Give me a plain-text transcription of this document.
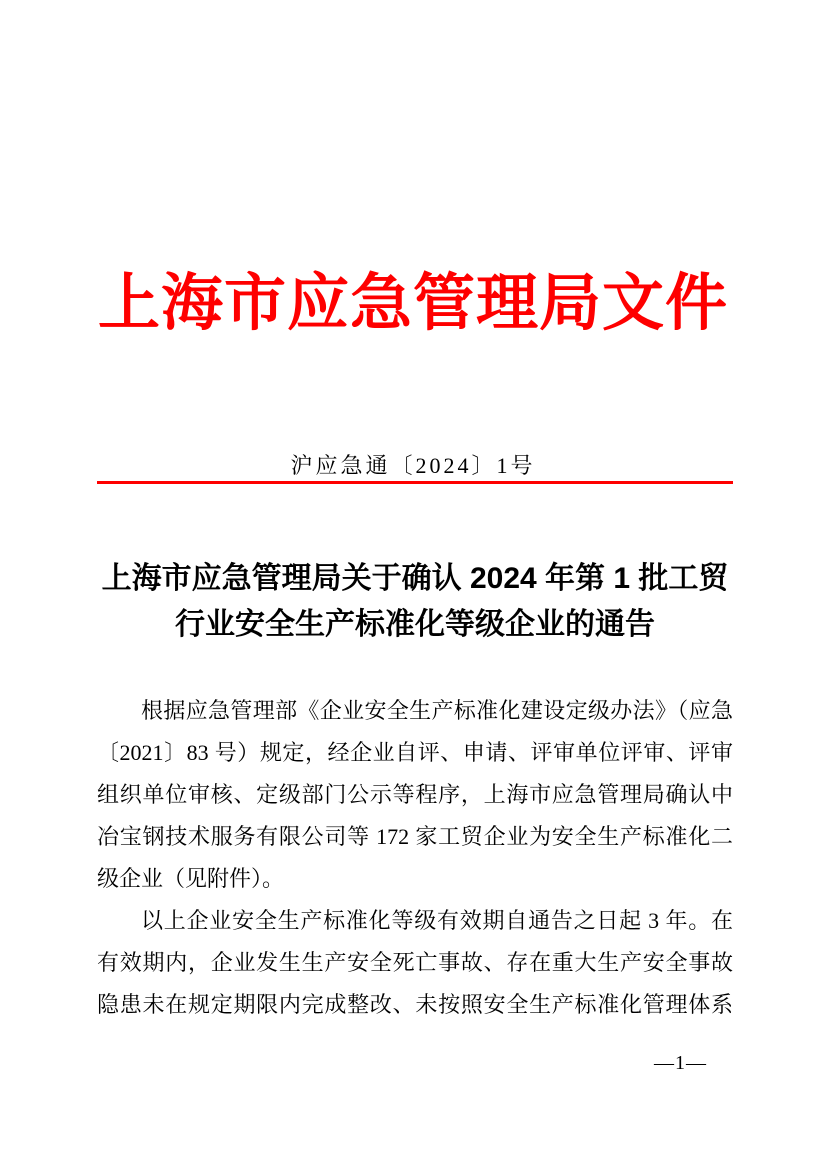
上海市应急管理局文件
沪应急通〔2024〕1号
上海市应急管理局关于确认 2024 年第 1 批工贸
行业安全生产标准化等级企业的通告
根据应急管理部《企业安全生产标准化建设定级办法》（应急
〔2021〕83 号）规定，经企业自评、申请、评审单位评审、评审
组织单位审核、定级部门公示等程序，上海市应急管理局确认中
冶宝钢技术服务有限公司等 172 家工贸企业为安全生产标准化二
级企业（见附件）。
以上企业安全生产标准化等级有效期自通告之日起 3 年。在
有效期内，企业发生生产安全死亡事故、存在重大生产安全事故
隐患未在规定期限内完成整改、未按照安全生产标准化管理体系
—1—
